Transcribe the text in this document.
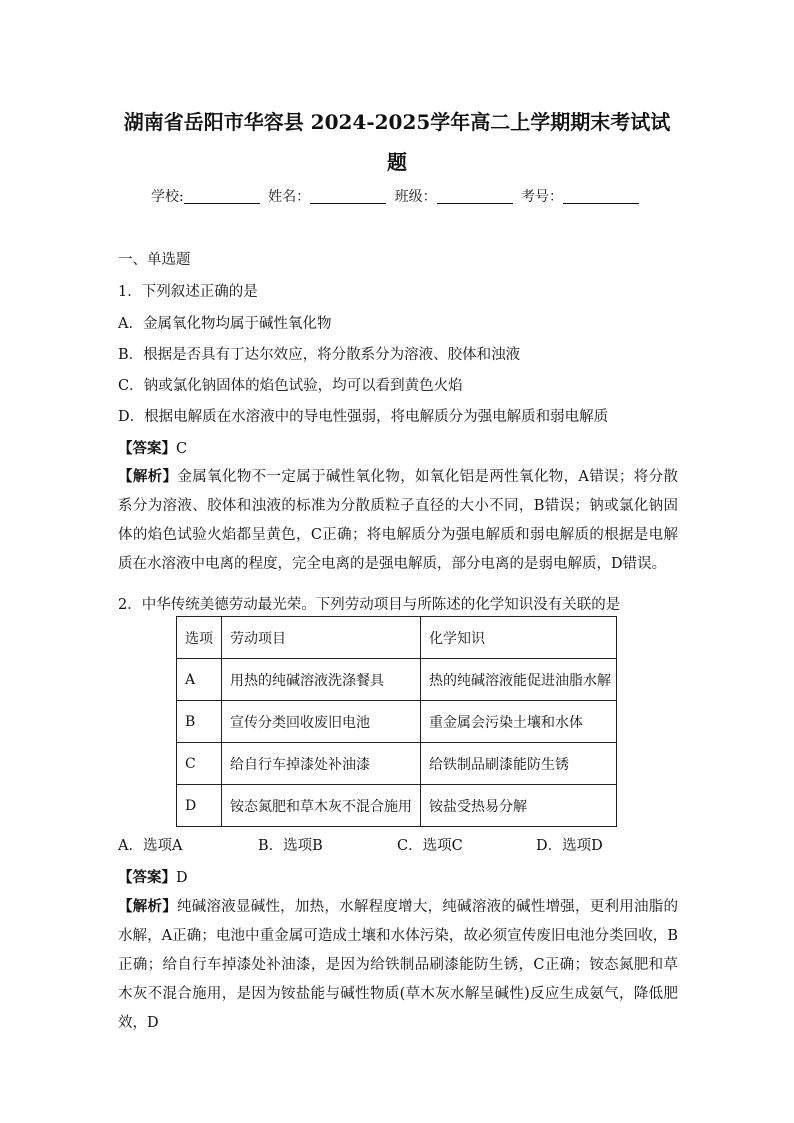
湖南省岳阳市华容县 2024-2025学年高二上学期期末考试试
题
学校:	姓名：	班级：	考号：
一、单选题
1．下列叙述正确的是
A．金属氧化物均属于碱性氧化物
B．根据是否具有丁达尔效应，将分散系分为溶液、胶体和浊液
C．钠或氯化钠固体的焰色试验，均可以看到黄色火焰
D．根据电解质在水溶液中的导电性强弱，将电解质分为强电解质和弱电解质
【答案】C
【解析】金属氧化物不一定属于碱性氧化物，如氧化铝是两性氧化物，A错误；将分散系分为溶液、胶体和浊液的标准为分散质粒子直径的大小不同，B错误；钠或氯化钠固体的焰色试验火焰都呈黄色，C正确；将电解质分为强电解质和弱电解质的根据是电解质在水溶液中电离的程度，完全电离的是强电解质，部分电离的是弱电解质，D错误。
2．中华传统美德劳动最光荣。下列劳动项目与所陈述的化学知识没有关联的是
选项	劳动项目	化学知识
A	用热的纯碱溶液洗涤餐具	热的纯碱溶液能促进油脂水解
B	宣传分类回收废旧电池	重金属会污染土壤和水体
C	给自行车掉漆处补油漆	给铁制品刷漆能防生锈
D	铵态氮肥和草木灰不混合施用	铵盐受热易分解
A．选项A	B．选项B	C．选项C	D．选项D
【答案】D
【解析】纯碱溶液显碱性，加热，水解程度增大，纯碱溶液的碱性增强，更利用油脂的水解，A正确；电池中重金属可造成土壤和水体污染，故必须宣传废旧电池分类回收，B正确；给自行车掉漆处补油漆，是因为给铁制品刷漆能防生锈，C正确；铵态氮肥和草木灰不混合施用，是因为铵盐能与碱性物质(草木灰水解呈碱性)反应生成氨气，降低肥效，D
